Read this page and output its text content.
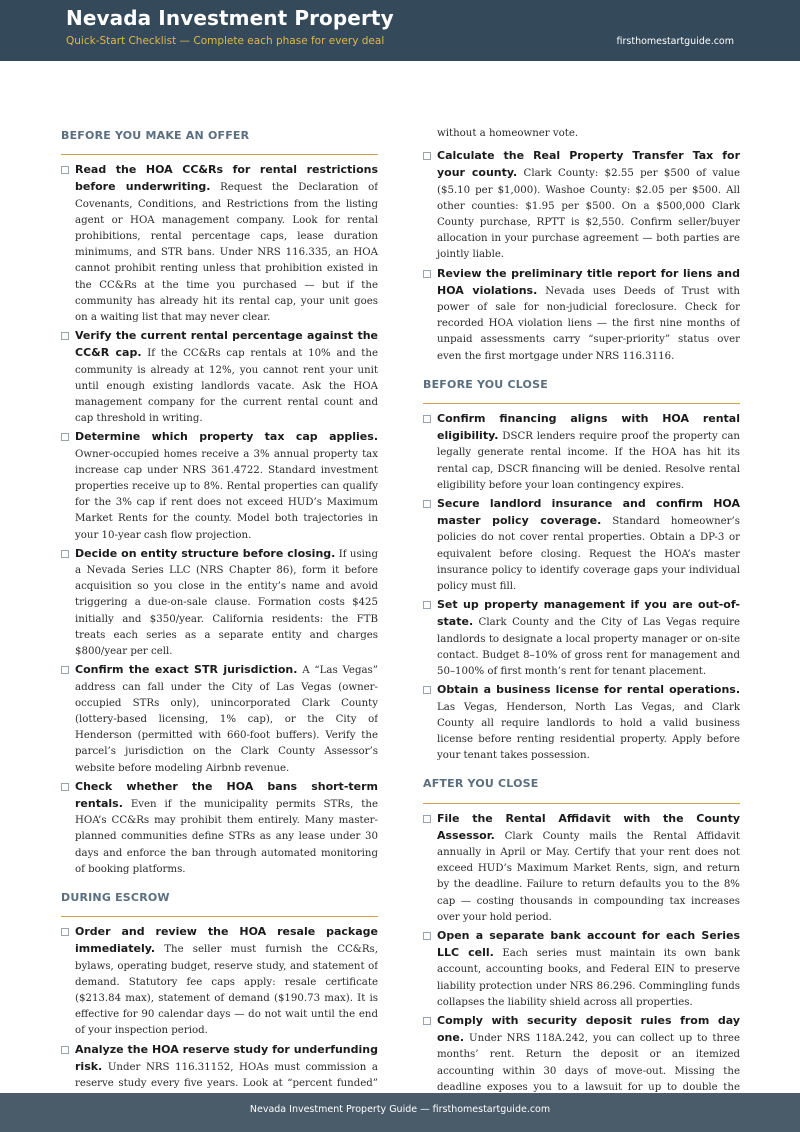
Nevada Investment Property
Quick-Start Checklist — Complete each phase for every deal	firsthomestartguide.com
BEFORE YOU MAKE AN OFFER
Read the HOA CC&Rs for rental restrictions before underwriting. Request the Declaration of Covenants, Conditions, and Restrictions from the listing agent or HOA management company. Look for rental prohibitions, rental percentage caps, lease duration minimums, and STR bans. Under NRS 116.335, an HOA cannot prohibit renting unless that prohibition existed in the CC&Rs at the time you purchased — but if the community has already hit its rental cap, your unit goes on a waiting list that may never clear.
Verify the current rental percentage against the CC&R cap. If the CC&Rs cap rentals at 10% and the community is already at 12%, you cannot rent your unit until enough existing landlords vacate. Ask the HOA management company for the current rental count and cap threshold in writing.
Determine which property tax cap applies. Owner-occupied homes receive a 3% annual property tax increase cap under NRS 361.4722. Standard investment properties receive up to 8%. Rental properties can qualify for the 3% cap if rent does not exceed HUD’s Maximum Market Rents for the county. Model both trajectories in your 10-year cash flow projection.
Decide on entity structure before closing. If using a Nevada Series LLC (NRS Chapter 86), form it before acquisition so you close in the entity’s name and avoid triggering a due-on-sale clause. Formation costs $425 initially and $350/year. California residents: the FTB treats each series as a separate entity and charges $800/year per cell.
Confirm the exact STR jurisdiction. A “Las Vegas” address can fall under the City of Las Vegas (owner-occupied STRs only), unincorporated Clark County (lottery-based licensing, 1% cap), or the City of Henderson (permitted with 660-foot buffers). Verify the parcel’s jurisdiction on the Clark County Assessor’s website before modeling Airbnb revenue.
Check whether the HOA bans short-term rentals. Even if the municipality permits STRs, the HOA’s CC&Rs may prohibit them entirely. Many master-planned communities define STRs as any lease under 30 days and enforce the ban through automated monitoring of booking platforms.
DURING ESCROW
Order and review the HOA resale package immediately. The seller must furnish the CC&Rs, bylaws, operating budget, reserve study, and statement of demand. Statutory fee caps apply: resale certificate ($213.84 max), statement of demand ($190.73 max). It is effective for 90 calendar days — do not wait until the end of your inspection period.
Analyze the HOA reserve study for underfunding risk. Under NRS 116.31152, HOAs must commission a reserve study every five years. Look at “percent funded”
without a homeowner vote.
Calculate the Real Property Transfer Tax for your county. Clark County: $2.55 per $500 of value ($5.10 per $1,000). Washoe County: $2.05 per $500. All other counties: $1.95 per $500. On a $500,000 Clark County purchase, RPTT is $2,550. Confirm seller/buyer allocation in your purchase agreement — both parties are jointly liable.
Review the preliminary title report for liens and HOA violations. Nevada uses Deeds of Trust with power of sale for non-judicial foreclosure. Check for recorded HOA violation liens — the first nine months of unpaid assessments carry “super-priority” status over even the first mortgage under NRS 116.3116.
BEFORE YOU CLOSE
Confirm financing aligns with HOA rental eligibility. DSCR lenders require proof the property can legally generate rental income. If the HOA has hit its rental cap, DSCR financing will be denied. Resolve rental eligibility before your loan contingency expires.
Secure landlord insurance and confirm HOA master policy coverage. Standard homeowner’s policies do not cover rental properties. Obtain a DP-3 or equivalent before closing. Request the HOA’s master insurance policy to identify coverage gaps your individual policy must fill.
Set up property management if you are out-of-state. Clark County and the City of Las Vegas require landlords to designate a local property manager or on-site contact. Budget 8–10% of gross rent for management and 50–100% of first month’s rent for tenant placement.
Obtain a business license for rental operations. Las Vegas, Henderson, North Las Vegas, and Clark County all require landlords to hold a valid business license before renting residential property. Apply before your tenant takes possession.
AFTER YOU CLOSE
File the Rental Affidavit with the County Assessor. Clark County mails the Rental Affidavit annually in April or May. Certify that your rent does not exceed HUD’s Maximum Market Rents, sign, and return by the deadline. Failure to return defaults you to the 8% cap — costing thousands in compounding tax increases over your hold period.
Open a separate bank account for each Series LLC cell. Each series must maintain its own bank account, accounting books, and Federal EIN to preserve liability protection under NRS 86.296. Commingling funds collapses the liability shield across all properties.
Comply with security deposit rules from day one. Under NRS 118A.242, you can collect up to three months’ rent. Return the deposit or an itemized accounting within 30 days of move-out. Missing the deadline exposes you to a lawsuit for up to double the
Nevada Investment Property Guide — firsthomestartguide.com
